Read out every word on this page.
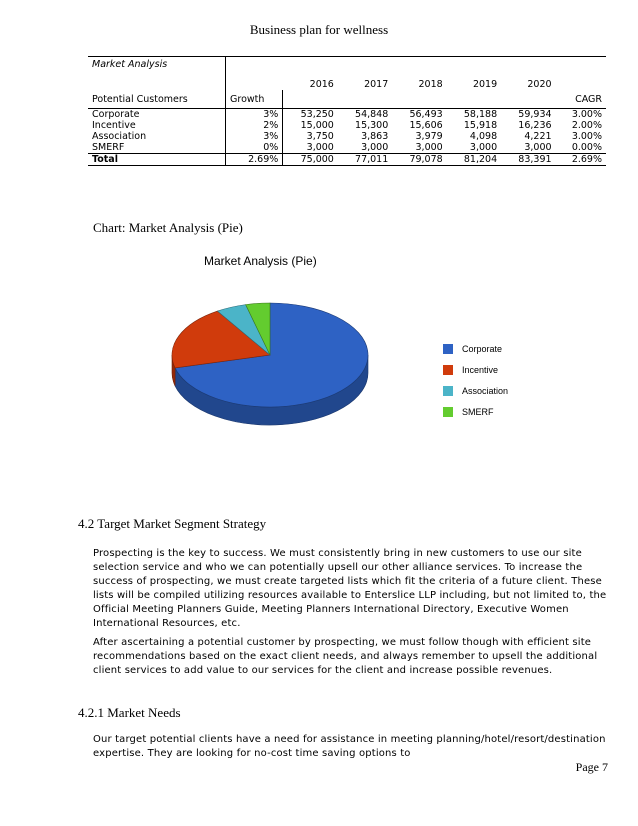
Business plan for wellness
Market Analysis							
		2016	2017	2018	2019	2020	
Potential Customers	Growth						CAGR
Corporate	3%	53,250	54,848	56,493	58,188	59,934	3.00%
Incentive	2%	15,000	15,300	15,606	15,918	16,236	2.00%
Association	3%	3,750	3,863	3,979	4,098	4,221	3.00%
SMERF	0%	3,000	3,000	3,000	3,000	3,000	0.00%
Total	2.69%	75,000	77,011	79,078	81,204	83,391	2.69%
Chart: Market Analysis (Pie)
Market Analysis (Pie)
Corporate
Incentive
Association
SMERF
4.2 Target Market Segment Strategy
Prospecting is the key to success. We must consistently bring in new customers to use our site selection service and who we can potentially upsell our other alliance services. To increase the success of prospecting, we must create targeted lists which fit the criteria of a future client. These lists will be compiled utilizing resources available to Enterslice LLP including, but not limited to, the Official Meeting Planners Guide, Meeting Planners International Directory, Executive Women International Resources, etc.
After ascertaining a potential customer by prospecting, we must follow though with efficient site recommendations based on the exact client needs, and always remember to upsell the additional client services to add value to our services for the client and increase possible revenues.
4.2.1 Market Needs
Our target potential clients have a need for assistance in meeting planning/hotel/resort/destination expertise. They are looking for no-cost time saving options to
Page 7
